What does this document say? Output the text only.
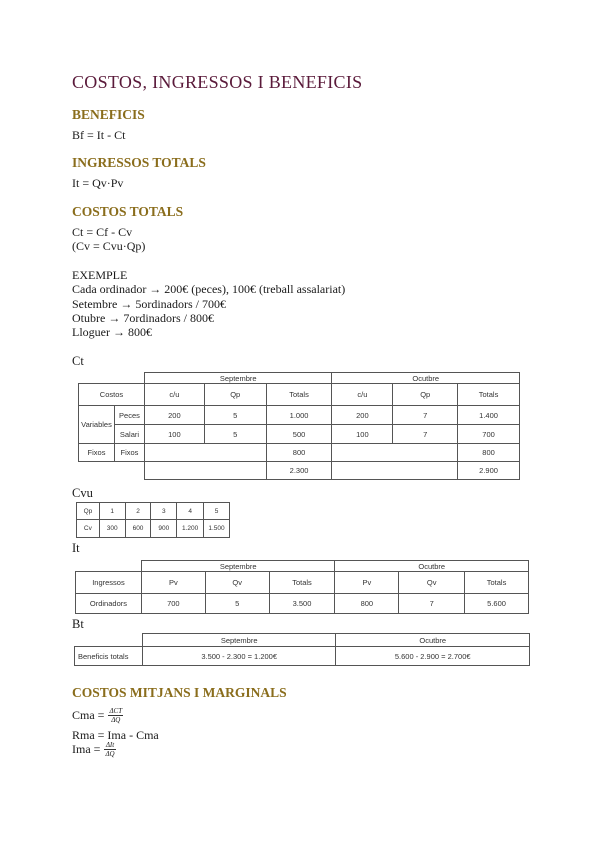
COSTOS, INGRESSOS I BENEFICIS
BENEFICIS
Bf = It - Ct
INGRESSOS TOTALS
It = Qv·Pv
COSTOS TOTALS
Ct = Cf - Cv
(Cv = Cvu·Qp)
EXEMPLE
Cada ordinador → 200€ (peces), 100€ (treball assalariat)
Setembre → 5ordinadors / 700€
Otubre → 7ordinadors / 800€
Lloguer → 800€
Ct
		Septembre			Ocutbre		
Costos		c/u	Qp	Totals	c/u	Qp	Totals
Variables	Peces	200	5	1.000	200	7	1.400
	Salari	100	5	500	100	7	700
Fixos	Fixos			800			800
				2.300			2.900
Cvu
Qp	1	2	3	4	5
Cv	300	600	900	1.200	1.500
It
	Septembre			Ocutbre		
Ingressos	Pv	Qv	Totals	Pv	Qv	Totals
Ordinadors	700	5	3.500	800	7	5.600
Bt
	Septembre	Ocutbre
Beneficis totals	3.500 - 2.300 = 1.200€	5.600 - 2.900 = 2.700€
COSTOS MITJANS I MARGINALS
Cma = $\frac{\text{ΔCT}}{\Delta Q}$
Rma = Ima - Cma
Ima = $\frac{\text{ΔIt}}{\Delta Q}$
